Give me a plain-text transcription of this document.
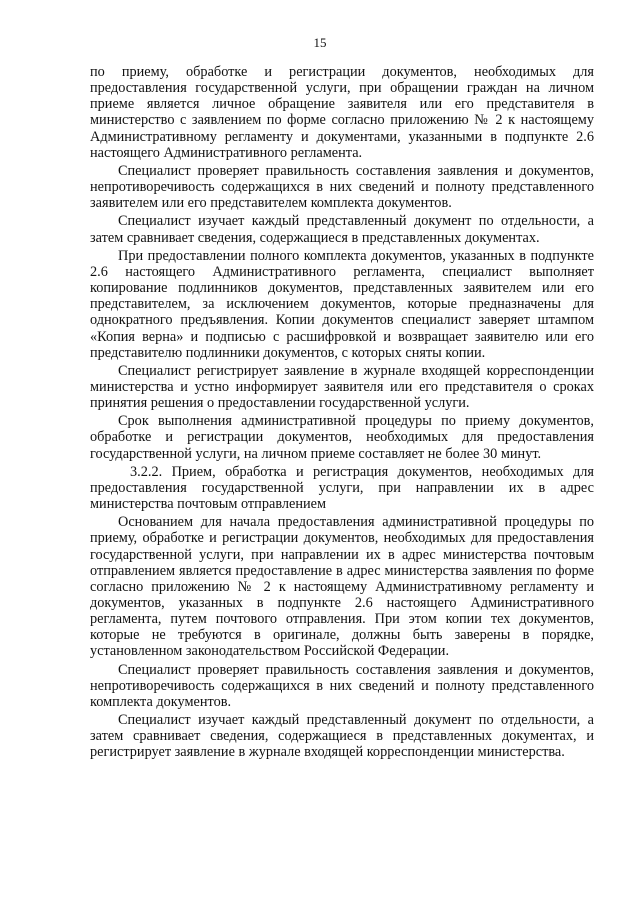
15

по приему, обработке и регистрации документов, необходимых для предоставления государственной услуги, при обращении граждан на личном приеме является личное обращение заявителя или его представителя в министерство с заявлением по форме согласно приложению № 2 к настоящему Административному регламенту и документами, указанными в подпункте 2.6 настоящего Административного регламента.

Специалист проверяет правильность составления заявления и документов, непротиворечивость содержащихся в них сведений и полноту представленного заявителем или его представителем комплекта документов.

Специалист изучает каждый представленный документ по отдельности, а затем сравнивает сведения, содержащиеся в представленных документах.

При предоставлении полного комплекта документов, указанных в подпункте 2.6 настоящего Административного регламента, специалист выполняет копирование подлинников документов, представленных заявителем или его представителем, за исключением документов, которые предназначены для однократного предъявления. Копии документов специалист заверяет штампом «Копия верна» и подписью с расшифровкой и возвращает заявителю или его представителю подлинники документов, с которых сняты копии.

Специалист регистрирует заявление в журнале входящей корреспонденции министерства и устно информирует заявителя или его представителя о сроках принятия решения о предоставлении государственной услуги.

Срок выполнения административной процедуры по приему документов, обработке и регистрации документов, необходимых для предоставления государственной услуги, на личном приеме составляет не более 30 минут.

3.2.2. Прием, обработка и регистрация документов, необходимых для предоставления государственной услуги, при направлении их в адрес министерства почтовым отправлением

Основанием для начала предоставления административной процедуры по приему, обработке и регистрации документов, необходимых для предоставления государственной услуги, при направлении их в адрес министерства почтовым отправлением является предоставление в адрес министерства заявления по форме согласно приложению № 2 к настоящему Административному регламенту и документов, указанных в подпункте 2.6 настоящего Административного регламента, путем почтового отправления. При этом копии тех документов, которые не требуются в оригинале, должны быть заверены в порядке, установленном законодательством Российской Федерации.

Специалист проверяет правильность составления заявления и документов, непротиворечивость содержащихся в них сведений и полноту представленного комплекта документов.

Специалист изучает каждый представленный документ по отдельности, а затем сравнивает сведения, содержащиеся в представленных документах, и регистрирует заявление в журнале входящей корреспонденции министерства.
